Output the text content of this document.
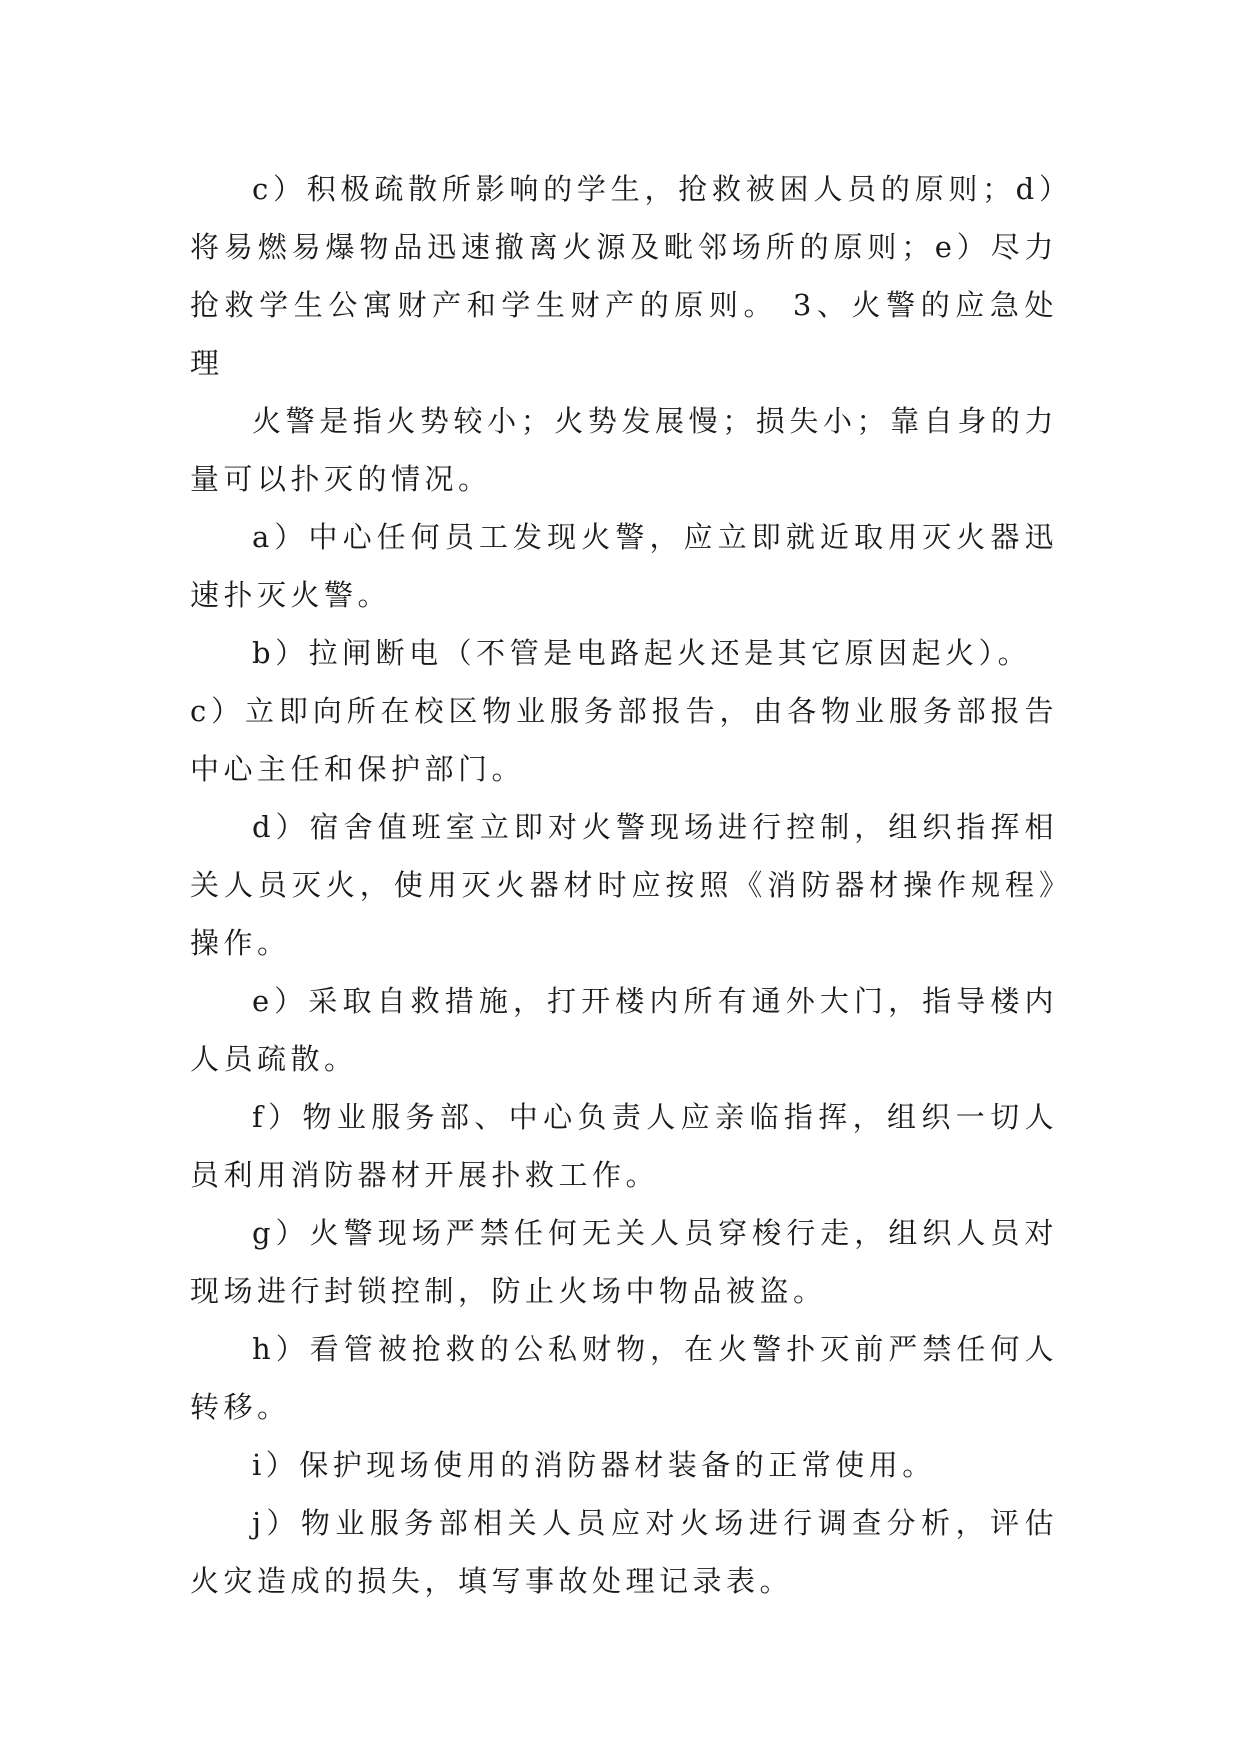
c）积极疏散所影响的学生，抢救被困人员的原则；d）将易燃易爆物品迅速撤离火源及毗邻场所的原则；e）尽力抢救学生公寓财产和学生财产的原则。 3、火警的应急处理

火警是指火势较小；火势发展慢；损失小；靠自身的力量可以扑灭的情况。

a）中心任何员工发现火警，应立即就近取用灭火器迅速扑灭火警。

b）拉闸断电（不管是电路起火还是其它原因起火）。

c）立即向所在校区物业服务部报告，由各物业服务部报告中心主任和保护部门。

d）宿舍值班室立即对火警现场进行控制，组织指挥相关人员灭火，使用灭火器材时应按照《消防器材操作规程》操作。

e）采取自救措施，打开楼内所有通外大门，指导楼内人员疏散。

f）物业服务部、中心负责人应亲临指挥，组织一切人员利用消防器材开展扑救工作。

g）火警现场严禁任何无关人员穿梭行走，组织人员对现场进行封锁控制，防止火场中物品被盗。

h）看管被抢救的公私财物，在火警扑灭前严禁任何人转移。

i）保护现场使用的消防器材装备的正常使用。

j）物业服务部相关人员应对火场进行调查分析，评估火灾造成的损失，填写事故处理记录表。
